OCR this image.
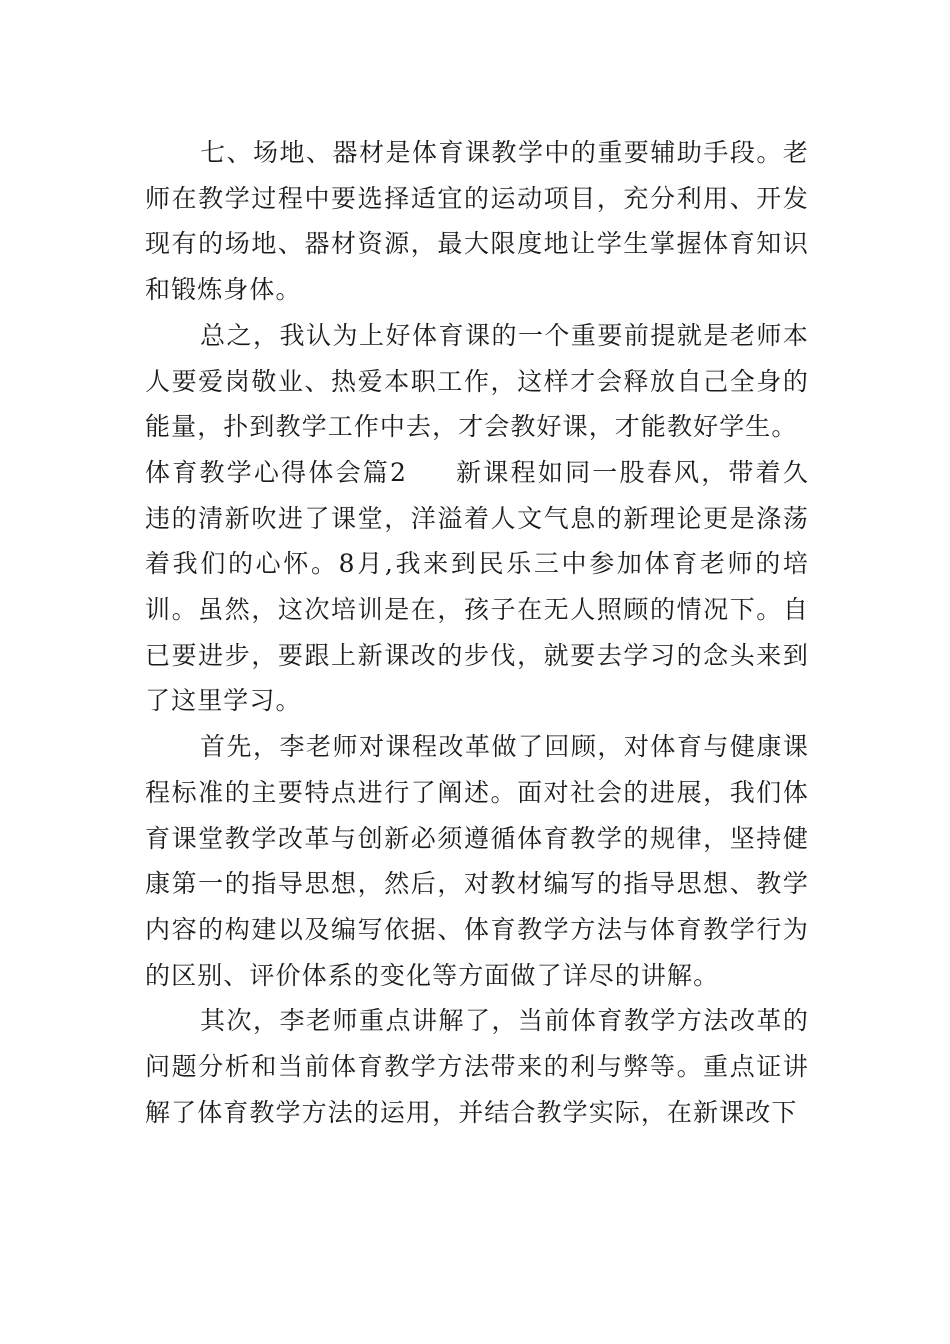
七、场地、器材是体育课教学中的重要辅助手段。老师在教学过程中要选择适宜的运动项目，充分利用、开发现有的场地、器材资源，最大限度地让学生掌握体育知识和锻炼身体。

总之，我认为上好体育课的一个重要前提就是老师本人要爱岗敬业、热爱本职工作，这样才会释放自己全身的能量，扑到教学工作中去，才会教好课，才能教好学生。

体育教学心得体会篇2 新课程如同一股春风，带着久违的清新吹进了课堂，洋溢着人文气息的新理论更是涤荡着我们的心怀。8月,我来到民乐三中参加体育老师的培训。虽然，这次培训是在，孩子在无人照顾的情况下。自已要进步，要跟上新课改的步伐，就要去学习的念头来到了这里学习。

首先，李老师对课程改革做了回顾，对体育与健康课程标准的主要特点进行了阐述。面对社会的进展，我们体育课堂教学改革与创新必须遵循体育教学的规律，坚持健康第一的指导思想，然后，对教材编写的指导思想、教学内容的构建以及编写依据、体育教学方法与体育教学行为的区别、评价体系的变化等方面做了详尽的讲解。

其次，李老师重点讲解了，当前体育教学方法改革的问题分析和当前体育教学方法带来的利与弊等。重点证讲解了体育教学方法的运用，并结合教学实际，在新课改下
